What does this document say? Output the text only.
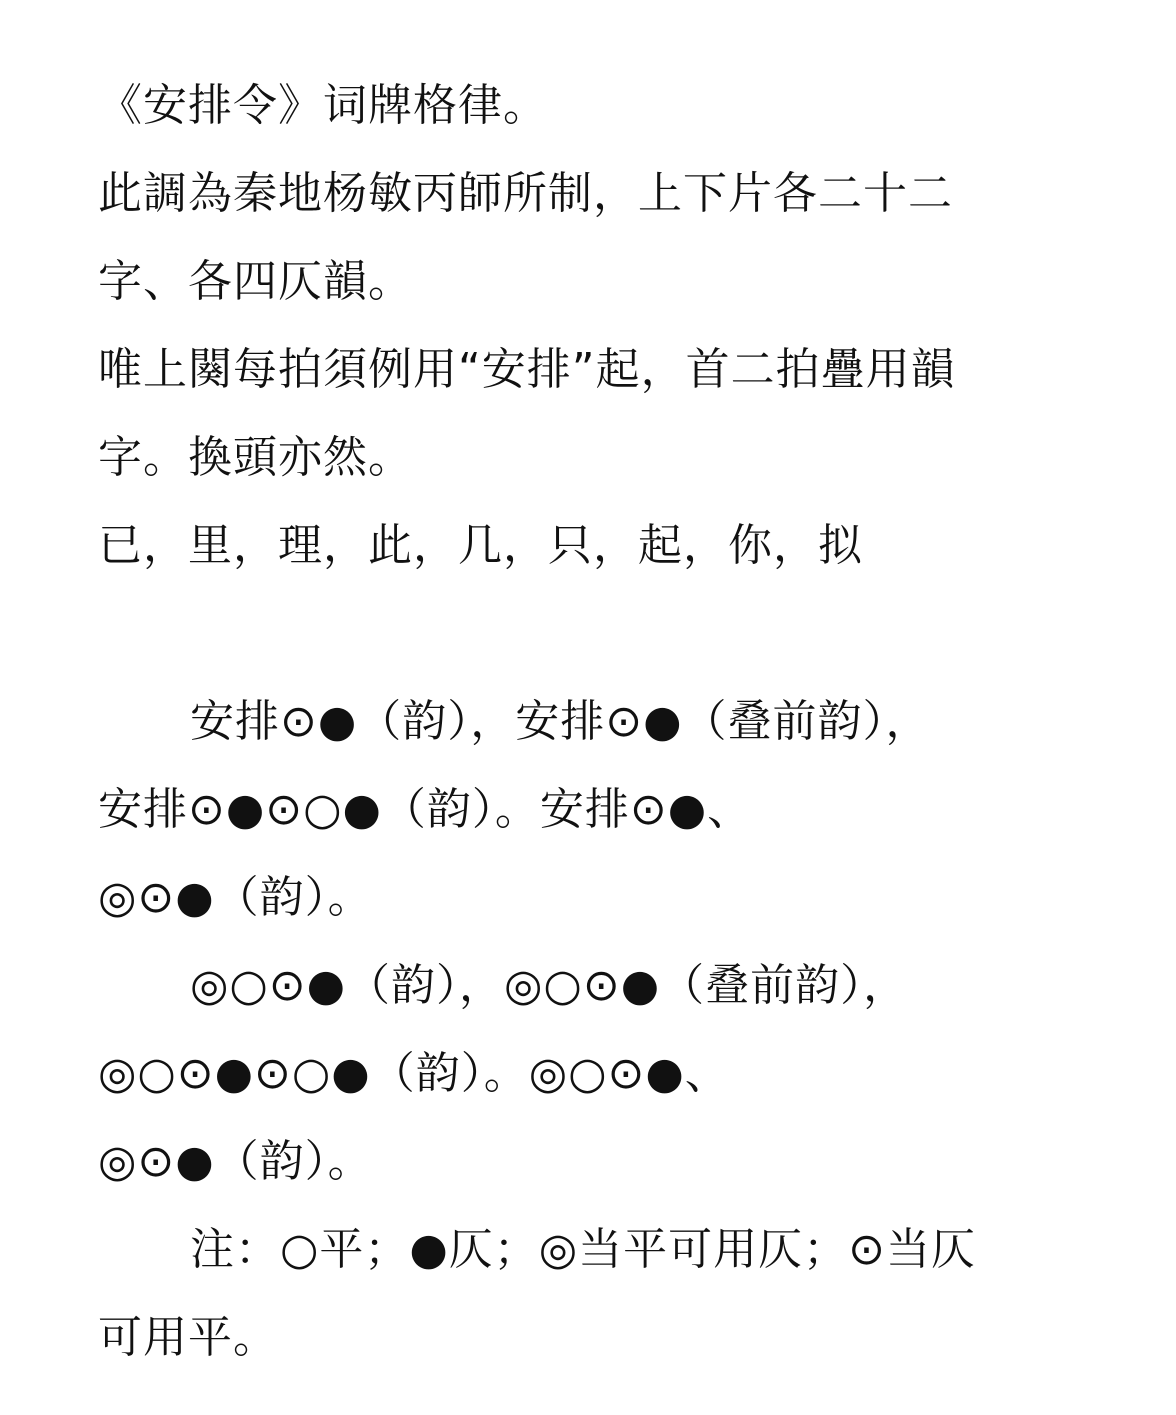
《安排令》词牌格律。
此調為秦地杨敏丙師所制，上下片各二十二
字、各四仄韻。
唯上闋每拍須例用“安排”起，首二拍疊用韻
字。換頭亦然。
已，里，理，此，几，只，起，你，拟
安排⊙●（韵），安排⊙●（叠前韵），
安排⊙●⊙○●（韵）。安排⊙●、
◎⊙●（韵）。
◎○⊙●（韵），◎○⊙●（叠前韵），
◎○⊙●⊙○●（韵）。◎○⊙●、
◎⊙●（韵）。
注：○平；●仄；◎当平可用仄；⊙当仄
可用平。
